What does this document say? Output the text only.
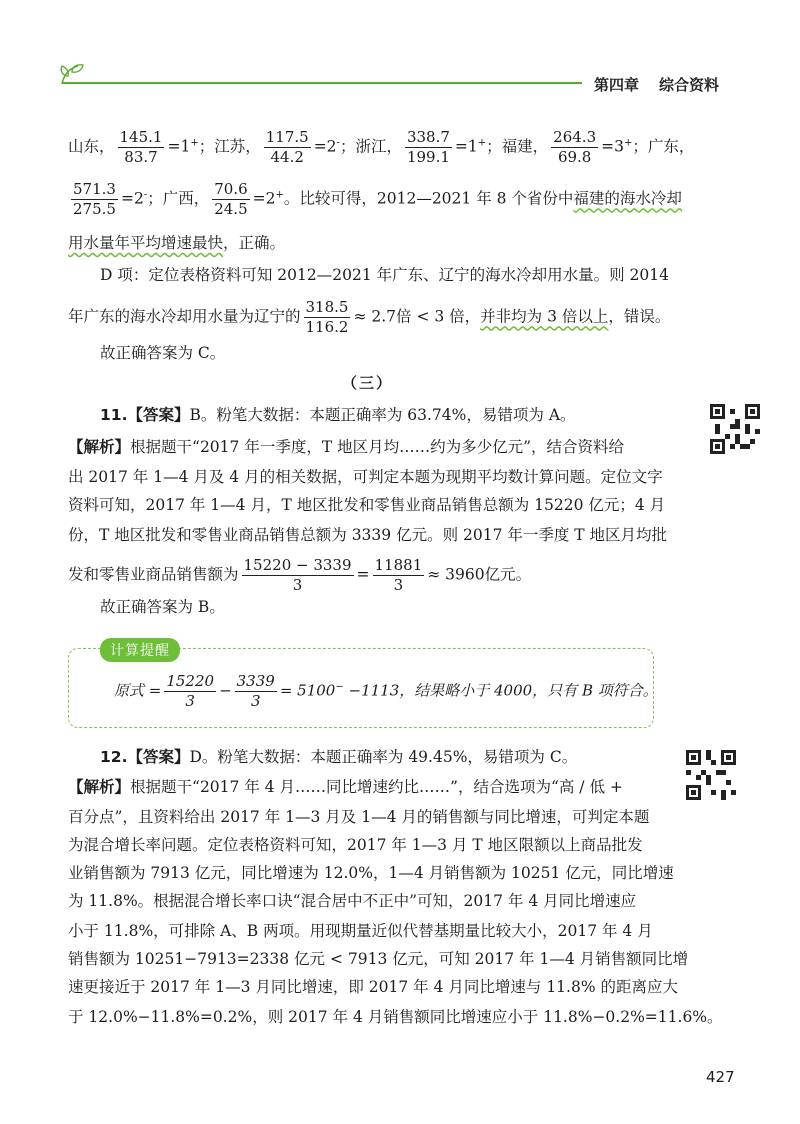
第四章 综合资料
山东， $\frac{145.1}{83.7} =1^+$；江苏， $\frac{117.5}{44.2} =2^-$；浙江， $\frac{338.7}{199.1} =1^+$；福建， $\frac{264.3}{69.8} =3^+$；广东，
$\frac{571.3}{275.5} =2^-$；广西， $\frac{70.6}{24.5} =2^+$。比较可得，2012—2021 年 8 个省份中福建的海水冷却
用水量年平均增速最快，正确。
D 项：定位表格资料可知 2012—2021 年广东、辽宁的海水冷却用水量。则 2014
年广东的海水冷却用水量为辽宁的 $\frac{318.5}{116.2} \approx 2.7$倍 < 3 倍，并非均为 3 倍以上，错误。
故正确答案为 C。
（三）
11.【答案】B。粉笔大数据：本题正确率为 63.74%，易错项为 A。
【解析】根据题干“2017 年一季度，T 地区月均……约为多少亿元”，结合资料给
出 2017 年 1—4 月及 4 月的相关数据，可判定本题为现期平均数计算问题。定位文字
资料可知，2017 年 1—4 月，T 地区批发和零售业商品销售总额为 15220 亿元；4 月
份，T 地区批发和零售业商品销售总额为 3339 亿元。则 2017 年一季度 T 地区月均批
发和零售业商品销售额为 $\frac{15220 - 3339}{3} = \frac{11881}{3} \approx 3960$亿元。
故正确答案为 B。
计算提醒
原式 = $\frac{15220}{3} - \frac{3339}{3} = 5100^- -1113$，结果略小于 4000，只有 B 项符合。
12.【答案】D。粉笔大数据：本题正确率为 49.45%，易错项为 C。
【解析】根据题干“2017 年 4 月……同比增速约比……”，结合选项为“高 / 低 +
百分点”，且资料给出 2017 年 1—3 月及 1—4 月的销售额与同比增速，可判定本题
为混合增长率问题。定位表格资料可知，2017 年 1—3 月 T 地区限额以上商品批发
业销售额为 7913 亿元，同比增速为 12.0%，1—4 月销售额为 10251 亿元，同比增速
为 11.8%。根据混合增长率口诀“混合居中不正中”可知，2017 年 4 月同比增速应
小于 11.8%，可排除 A、B 两项。用现期量近似代替基期量比较大小，2017 年 4 月
销售额为 10251−7913=2338 亿元 < 7913 亿元，可知 2017 年 1—4 月销售额同比增
速更接近于 2017 年 1—3 月同比增速，即 2017 年 4 月同比增速与 11.8% 的距离应大
于 12.0%−11.8%=0.2%，则 2017 年 4 月销售额同比增速应小于 11.8%−0.2%=11.6%。
427
